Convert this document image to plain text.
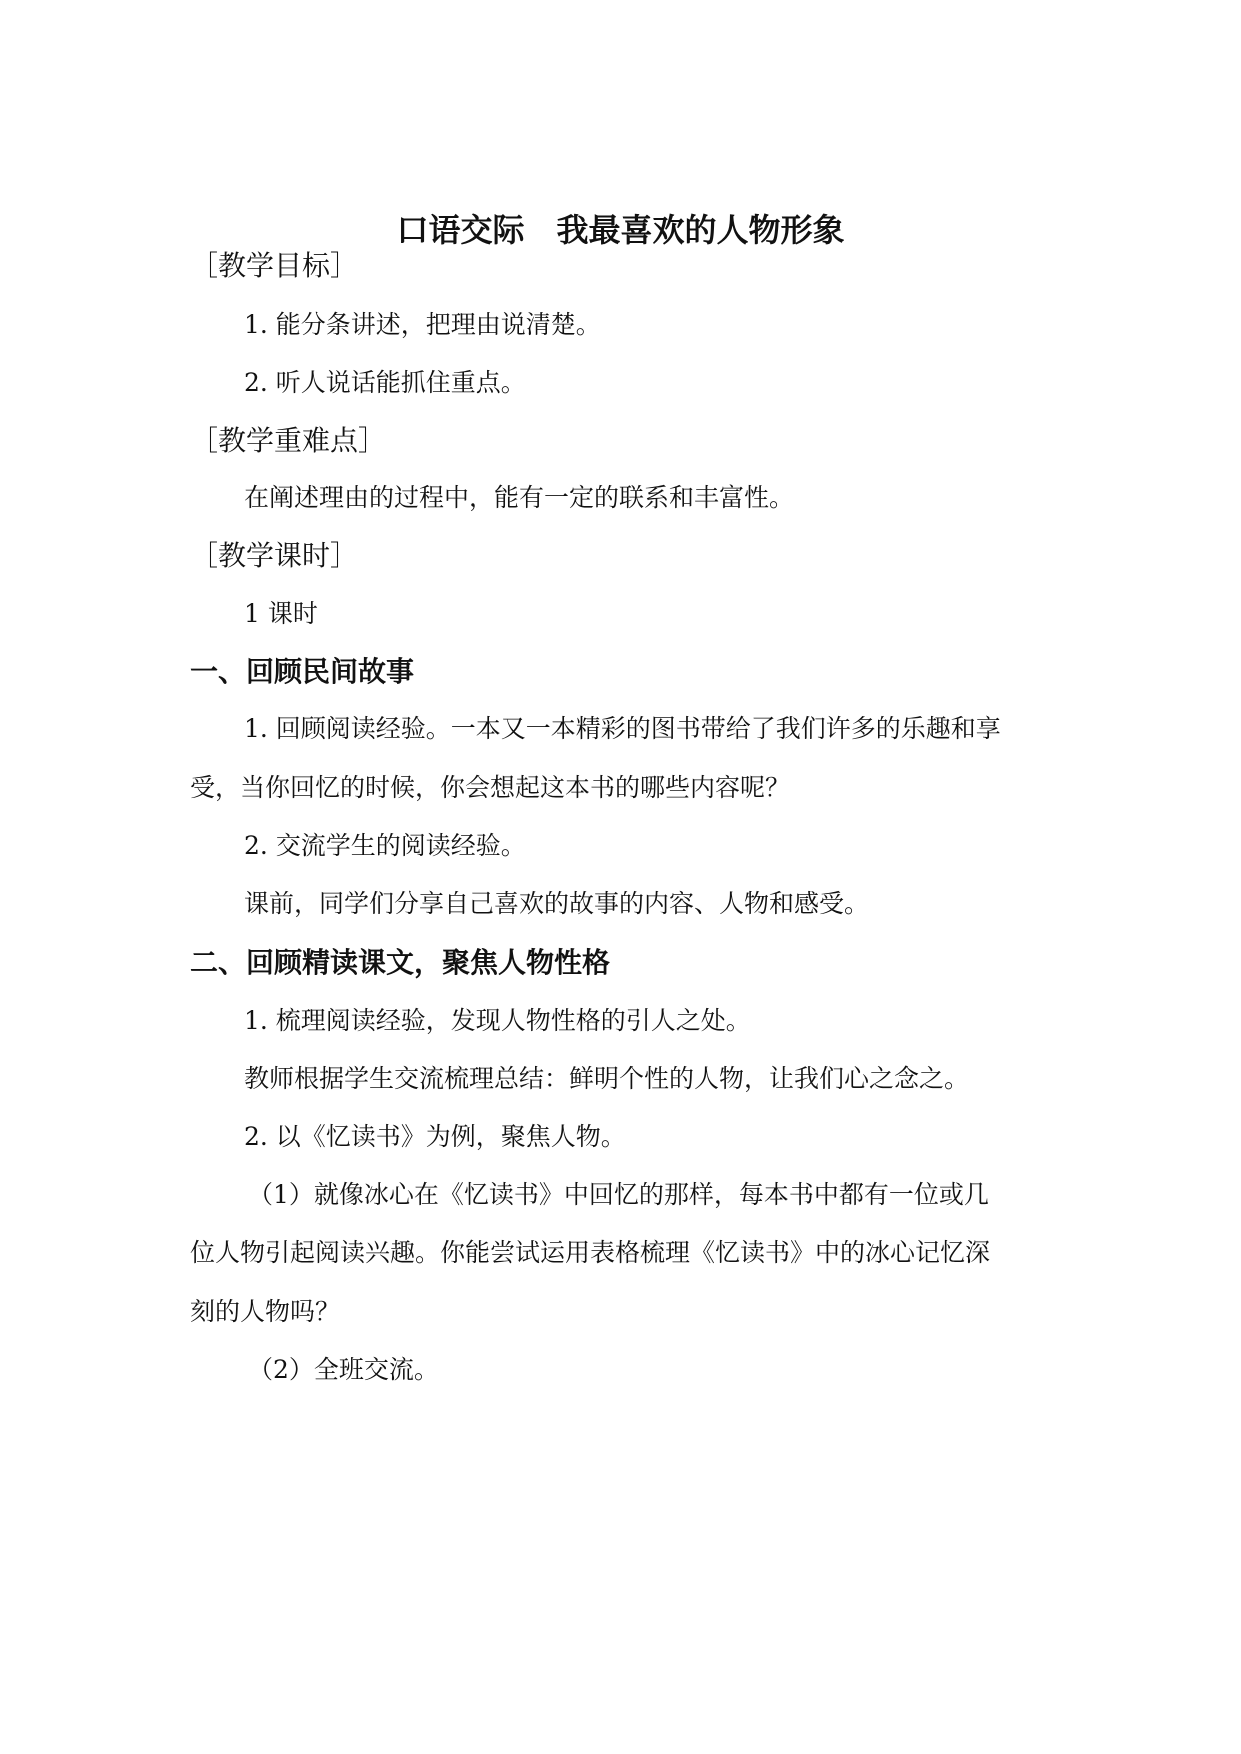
口语交际　我最喜欢的人物形象
［教学目标］
1. 能分条讲述，把理由说清楚。
2. 听人说话能抓住重点。
［教学重难点］
在阐述理由的过程中，能有一定的联系和丰富性。
［教学课时］
1 课时
一、回顾民间故事
1. 回顾阅读经验。一本又一本精彩的图书带给了我们许多的乐趣和享
受，当你回忆的时候，你会想起这本书的哪些内容呢？
2. 交流学生的阅读经验。
课前，同学们分享自己喜欢的故事的内容、人物和感受。
二、回顾精读课文，聚焦人物性格
1. 梳理阅读经验，发现人物性格的引人之处。
教师根据学生交流梳理总结：鲜明个性的人物，让我们心之念之。
2. 以《忆读书》为例，聚焦人物。
（1）就像冰心在《忆读书》中回忆的那样，每本书中都有一位或几
位人物引起阅读兴趣。你能尝试运用表格梳理《忆读书》中的冰心记忆深
刻的人物吗？
（2）全班交流。
